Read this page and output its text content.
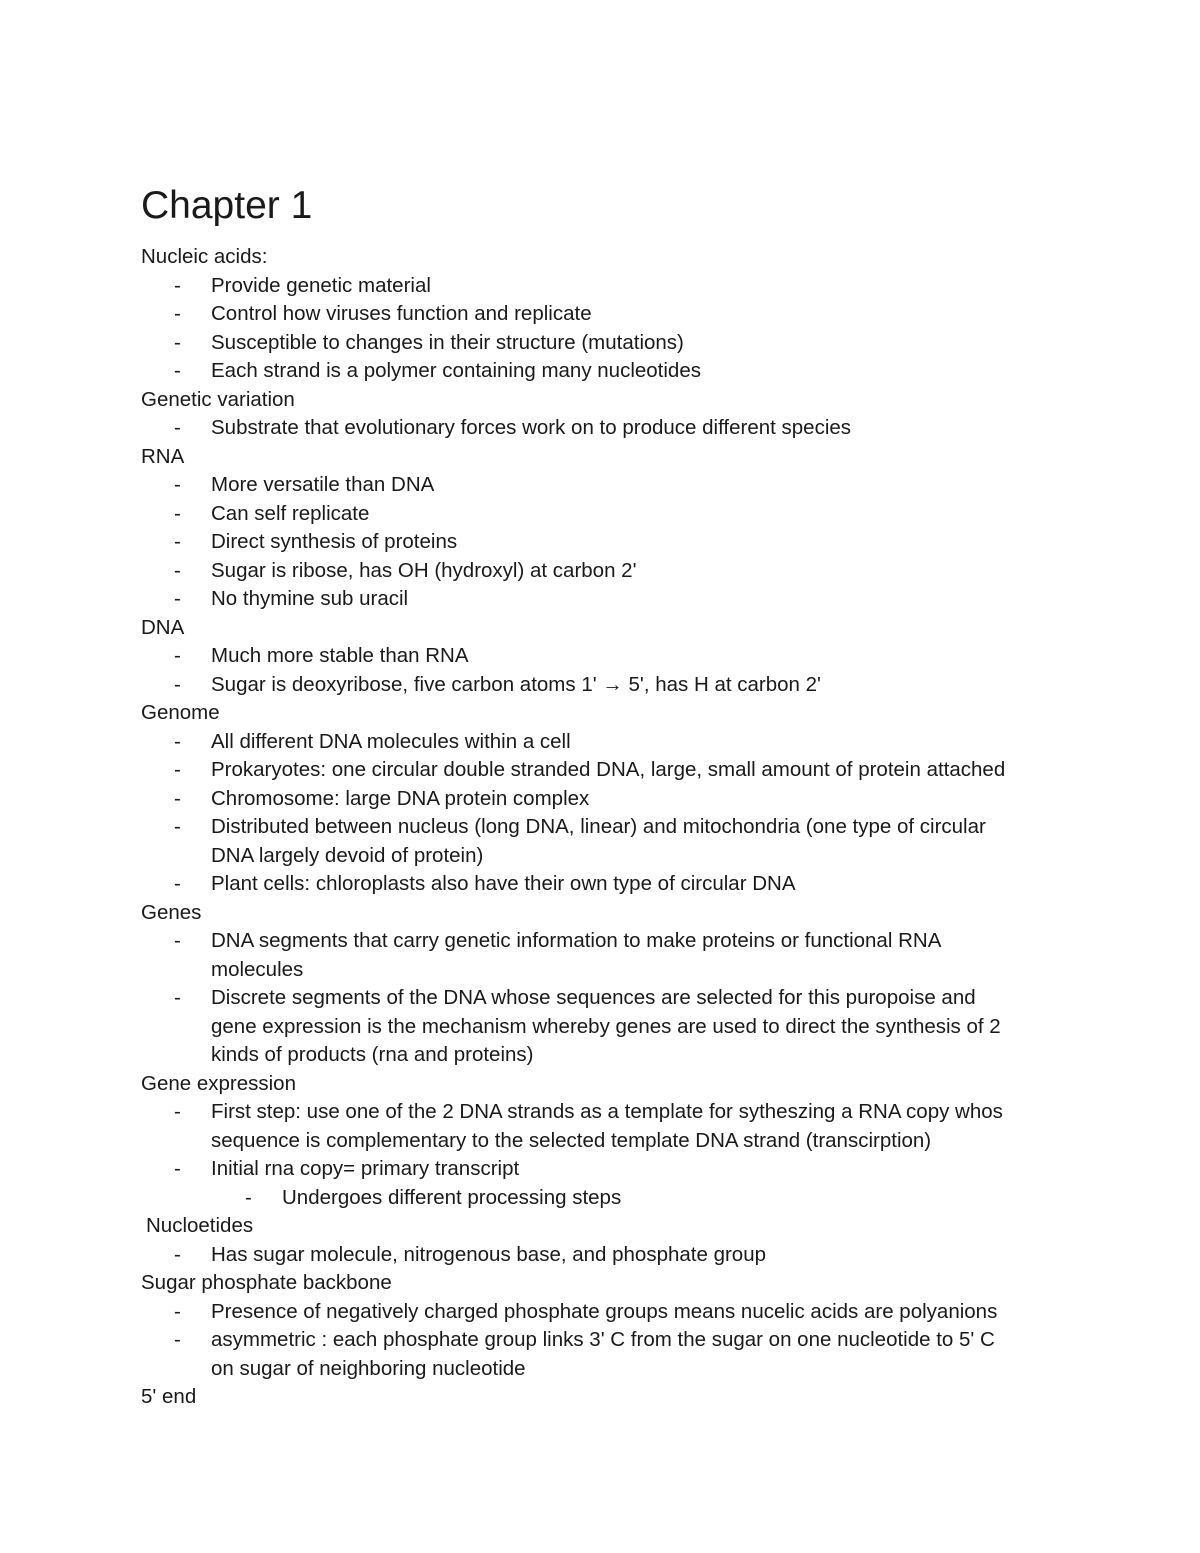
Chapter 1
Nucleic acids:
- Provide genetic material
- Control how viruses function and replicate
- Susceptible to changes in their structure (mutations)
- Each strand is a polymer containing many nucleotides
Genetic variation
- Substrate that evolutionary forces work on to produce different species
RNA
- More versatile than DNA
- Can self replicate
- Direct synthesis of proteins
- Sugar is ribose, has OH (hydroxyl) at carbon 2'
- No thymine sub uracil
DNA
- Much more stable than RNA
- Sugar is deoxyribose, five carbon atoms 1' → 5', has H at carbon 2'
Genome
- All different DNA molecules within a cell
- Prokaryotes: one circular double stranded DNA, large, small amount of protein attached
- Chromosome: large DNA protein complex
- Distributed between nucleus (long DNA, linear) and mitochondria (one type of circular
DNA largely devoid of protein)
- Plant cells: chloroplasts also have their own type of circular DNA
Genes
- DNA segments that carry genetic information to make proteins or functional RNA
molecules
- Discrete segments of the DNA whose sequences are selected for this puropoise and
gene expression is the mechanism whereby genes are used to direct the synthesis of 2
kinds of products (rna and proteins)
Gene expression
- First step: use one of the 2 DNA strands as a template for sytheszing a RNA copy whos
sequence is complementary to the selected template DNA strand (transcirption)
- Initial rna copy= primary transcript
- Undergoes different processing steps
Nucloetides
- Has sugar molecule, nitrogenous base, and phosphate group
Sugar phosphate backbone
- Presence of negatively charged phosphate groups means nucelic acids are polyanions
- asymmetric : each phosphate group links 3' C from the sugar on one nucleotide to 5' C
on sugar of neighboring nucleotide
5' end
